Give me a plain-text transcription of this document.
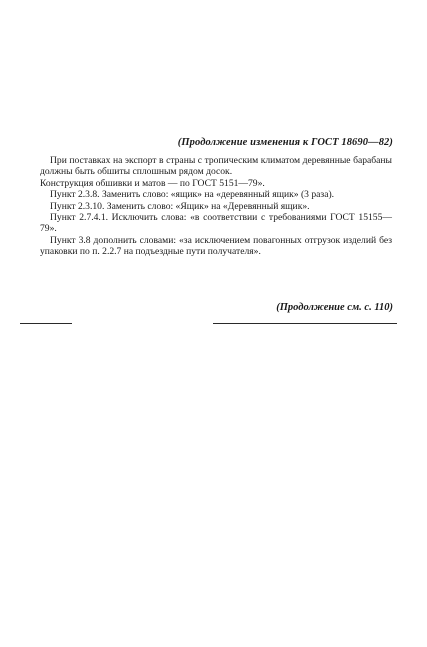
(Продолжение изменения к ГОСТ 18690—82)

При поставках на экспорт в страны с тропическим климатом деревянные барабаны должны быть обшиты сплошным рядом досок.

Конструкция обшивки и матов — по ГОСТ 5151—79».

Пункт 2.3.8. Заменить слово: «ящик» на «деревянный ящик» (3 раза).

Пункт 2.3.10. Заменить слово: «Ящик» на «Деревянный ящик».

Пункт 2.7.4.1. Исключить слова: «в соответствии с требованиями ГОСТ 15155—79».

Пункт 3.8 дополнить словами: «за исключением повагонных отгрузок изделий без упаковки по п. 2.2.7 на подъездные пути получателя».

(Продолжение см. с. 110)
